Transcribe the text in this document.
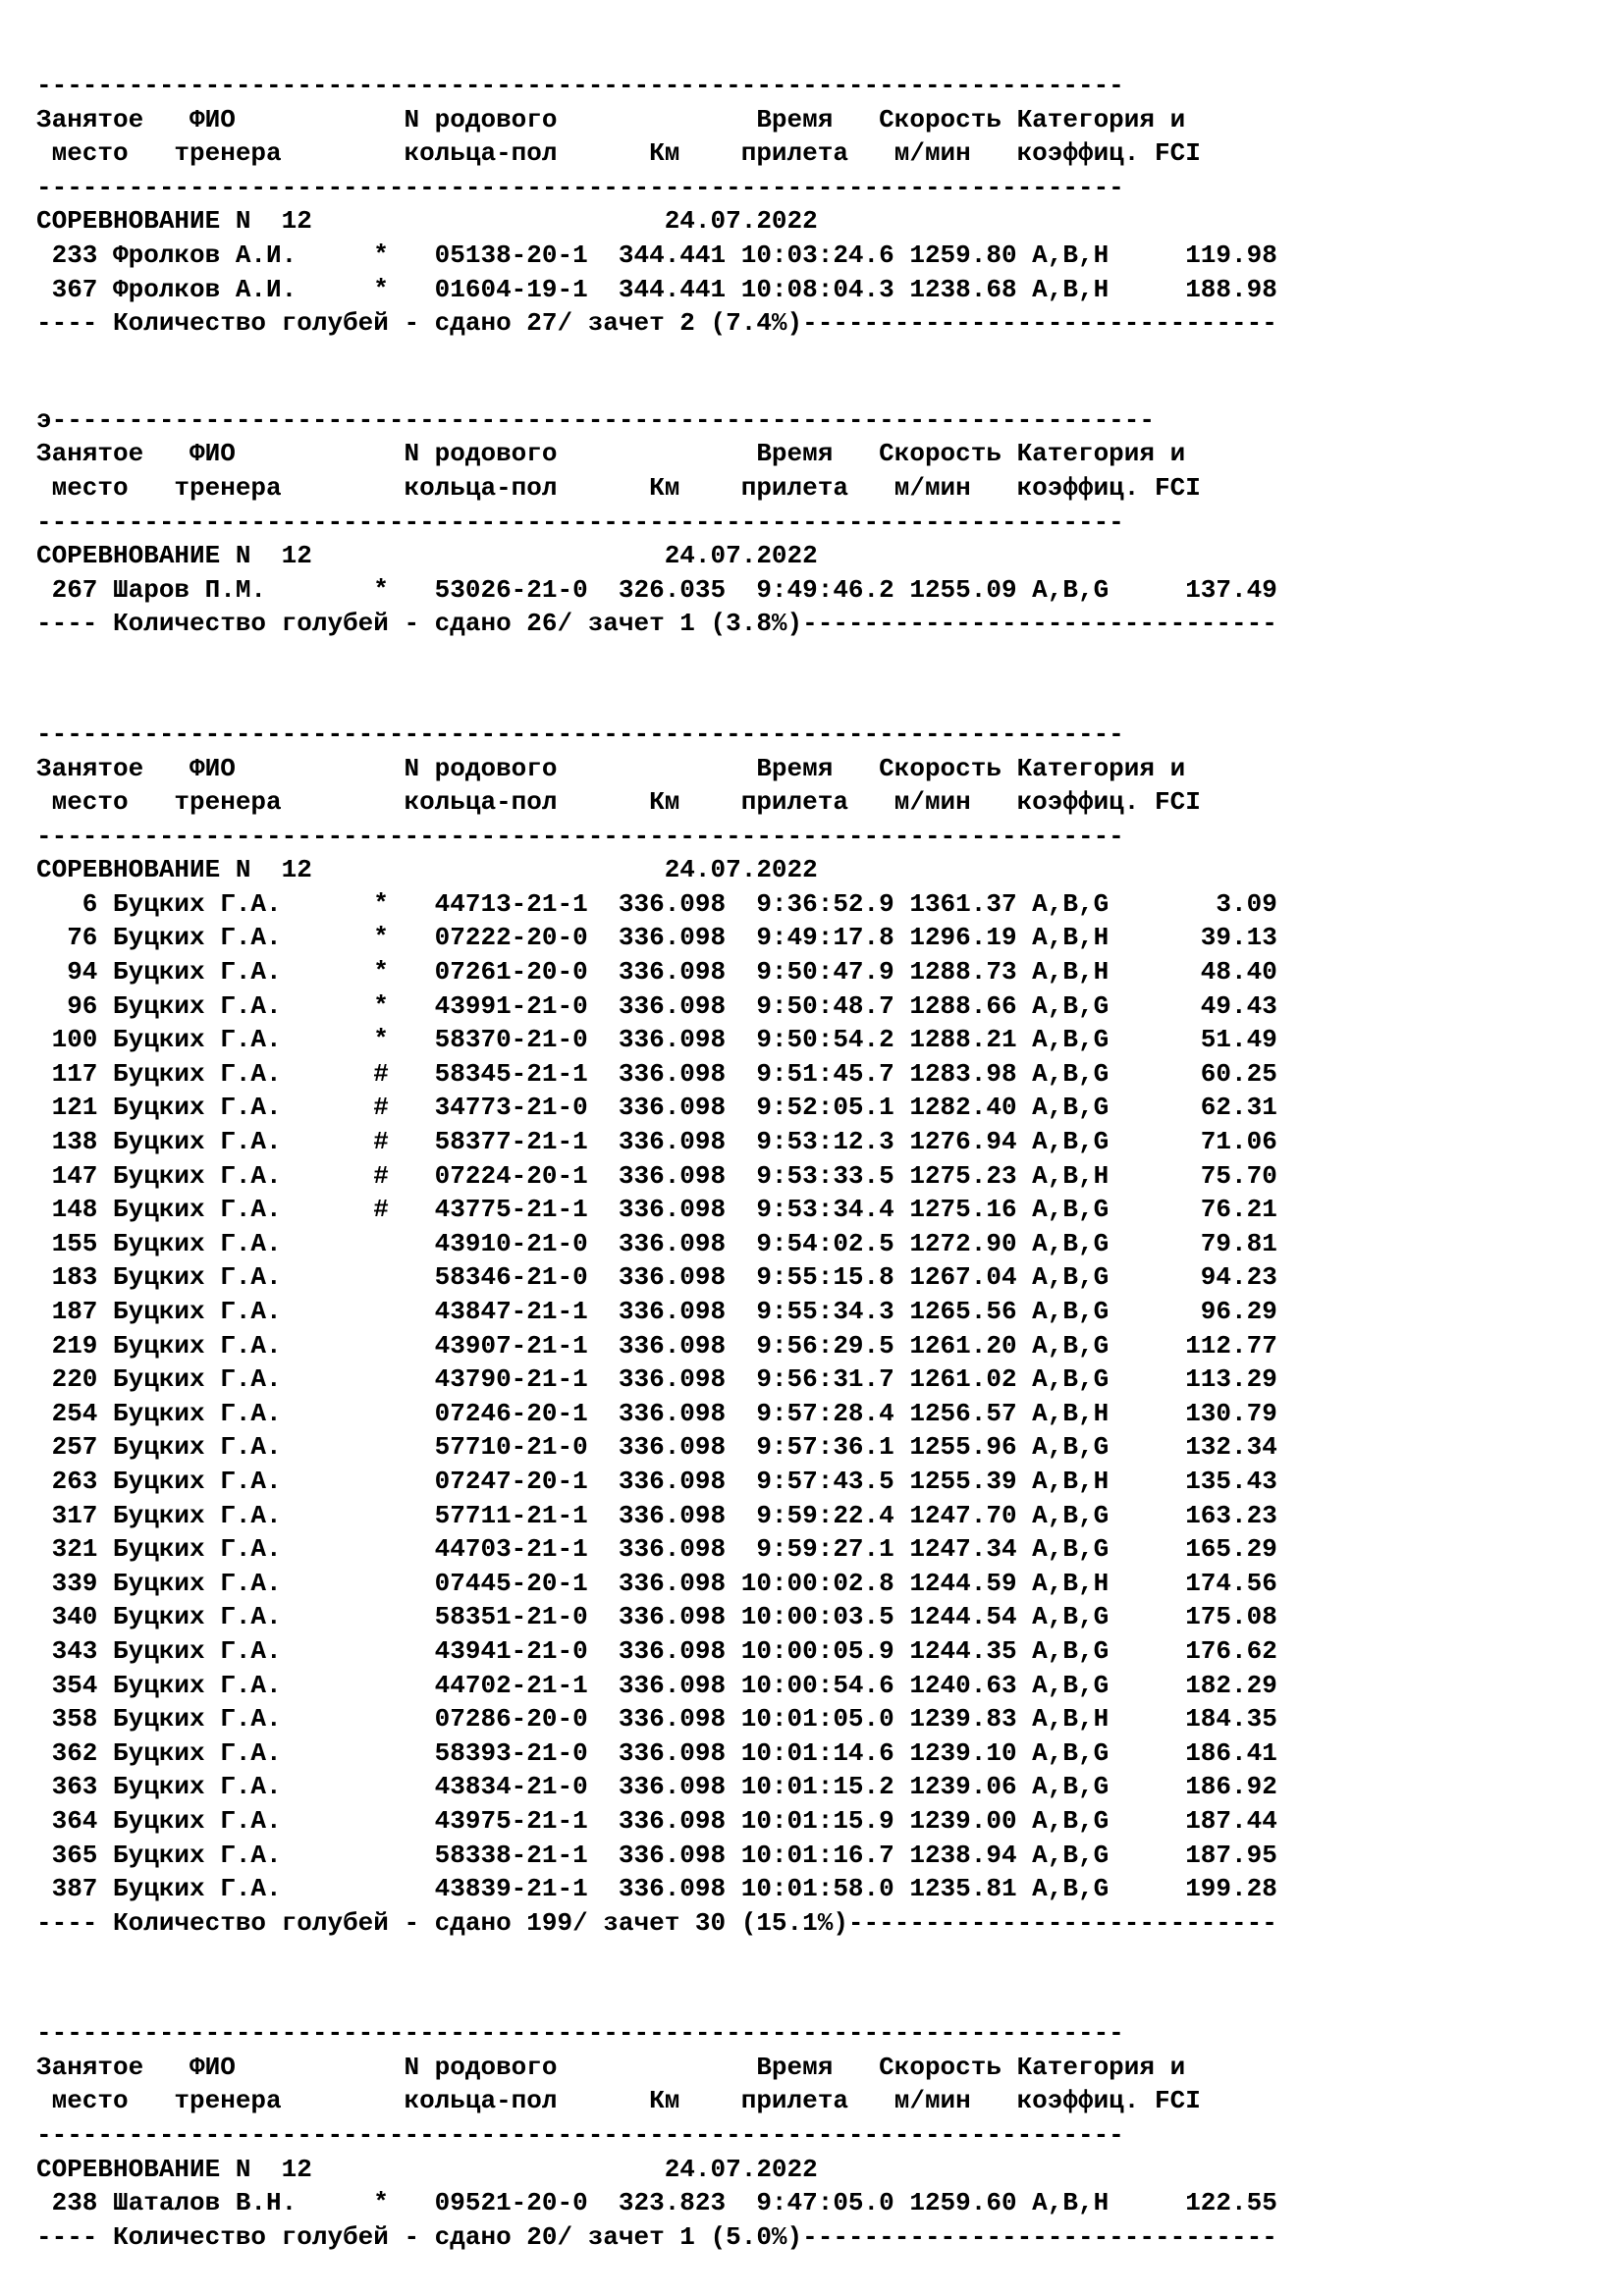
-----------------------------------------------------------------------
Занятое   ФИО           N родового             Время   Скорость Категория и
место   тренера        кольца-пол      Км    прилета   м/мин   коэффиц. FCI
-----------------------------------------------------------------------
СОРЕВНОВАНИЕ N  12                       24.07.2022
233 Фролков А.И.     *   05138-20-1  344.441 10:03:24.6 1259.80 A,B,H     119.98
367 Фролков А.И.     *   01604-19-1  344.441 10:08:04.3 1238.68 A,B,H     188.98
---- Количество голубей - сдано 27/ зачет 2 (7.4%)-------------------------------
э------------------------------------------------------------------------
Занятое   ФИО           N родового             Время   Скорость Категория и
место   тренера        кольца-пол      Км    прилета   м/мин   коэффиц. FCI
-----------------------------------------------------------------------
СОРЕВНОВАНИЕ N  12                       24.07.2022
267 Шаров П.М.       *   53026-21-0  326.035  9:49:46.2 1255.09 A,B,G     137.49
---- Количество голубей - сдано 26/ зачет 1 (3.8%)-------------------------------
-----------------------------------------------------------------------
Занятое   ФИО           N родового             Время   Скорость Категория и
место   тренера        кольца-пол      Км    прилета   м/мин   коэффиц. FCI
-----------------------------------------------------------------------
СОРЕВНОВАНИЕ N  12                       24.07.2022
6 Буцких Г.А.      *   44713-21-1  336.098  9:36:52.9 1361.37 A,B,G       3.09
76 Буцких Г.А.      *   07222-20-0  336.098  9:49:17.8 1296.19 A,B,H      39.13
94 Буцких Г.А.      *   07261-20-0  336.098  9:50:47.9 1288.73 A,B,H      48.40
96 Буцких Г.А.      *   43991-21-0  336.098  9:50:48.7 1288.66 A,B,G      49.43
100 Буцких Г.А.      *   58370-21-0  336.098  9:50:54.2 1288.21 A,B,G      51.49
117 Буцких Г.А.      #   58345-21-1  336.098  9:51:45.7 1283.98 A,B,G      60.25
121 Буцких Г.А.      #   34773-21-0  336.098  9:52:05.1 1282.40 A,B,G      62.31
138 Буцких Г.А.      #   58377-21-1  336.098  9:53:12.3 1276.94 A,B,G      71.06
147 Буцких Г.А.      #   07224-20-1  336.098  9:53:33.5 1275.23 A,B,H      75.70
148 Буцких Г.А.      #   43775-21-1  336.098  9:53:34.4 1275.16 A,B,G      76.21
155 Буцких Г.А.          43910-21-0  336.098  9:54:02.5 1272.90 A,B,G      79.81
183 Буцких Г.А.          58346-21-0  336.098  9:55:15.8 1267.04 A,B,G      94.23
187 Буцких Г.А.          43847-21-1  336.098  9:55:34.3 1265.56 A,B,G      96.29
219 Буцких Г.А.          43907-21-1  336.098  9:56:29.5 1261.20 A,B,G     112.77
220 Буцких Г.А.          43790-21-1  336.098  9:56:31.7 1261.02 A,B,G     113.29
254 Буцких Г.А.          07246-20-1  336.098  9:57:28.4 1256.57 A,B,H     130.79
257 Буцких Г.А.          57710-21-0  336.098  9:57:36.1 1255.96 A,B,G     132.34
263 Буцких Г.А.          07247-20-1  336.098  9:57:43.5 1255.39 A,B,H     135.43
317 Буцких Г.А.          57711-21-1  336.098  9:59:22.4 1247.70 A,B,G     163.23
321 Буцких Г.А.          44703-21-1  336.098  9:59:27.1 1247.34 A,B,G     165.29
339 Буцких Г.А.          07445-20-1  336.098 10:00:02.8 1244.59 A,B,H     174.56
340 Буцких Г.А.          58351-21-0  336.098 10:00:03.5 1244.54 A,B,G     175.08
343 Буцких Г.А.          43941-21-0  336.098 10:00:05.9 1244.35 A,B,G     176.62
354 Буцких Г.А.          44702-21-1  336.098 10:00:54.6 1240.63 A,B,G     182.29
358 Буцких Г.А.          07286-20-0  336.098 10:01:05.0 1239.83 A,B,H     184.35
362 Буцких Г.А.          58393-21-0  336.098 10:01:14.6 1239.10 A,B,G     186.41
363 Буцких Г.А.          43834-21-0  336.098 10:01:15.2 1239.06 A,B,G     186.92
364 Буцких Г.А.          43975-21-1  336.098 10:01:15.9 1239.00 A,B,G     187.44
365 Буцких Г.А.          58338-21-1  336.098 10:01:16.7 1238.94 A,B,G     187.95
387 Буцких Г.А.          43839-21-1  336.098 10:01:58.0 1235.81 A,B,G     199.28
---- Количество голубей - сдано 199/ зачет 30 (15.1%)----------------------------
-----------------------------------------------------------------------
Занятое   ФИО           N родового             Время   Скорость Категория и
место   тренера        кольца-пол      Км    прилета   м/мин   коэффиц. FCI
-----------------------------------------------------------------------
СОРЕВНОВАНИЕ N  12                       24.07.2022
238 Шаталов В.Н.     *   09521-20-0  323.823  9:47:05.0 1259.60 A,B,H     122.55
---- Количество голубей - сдано 20/ зачет 1 (5.0%)-------------------------------
